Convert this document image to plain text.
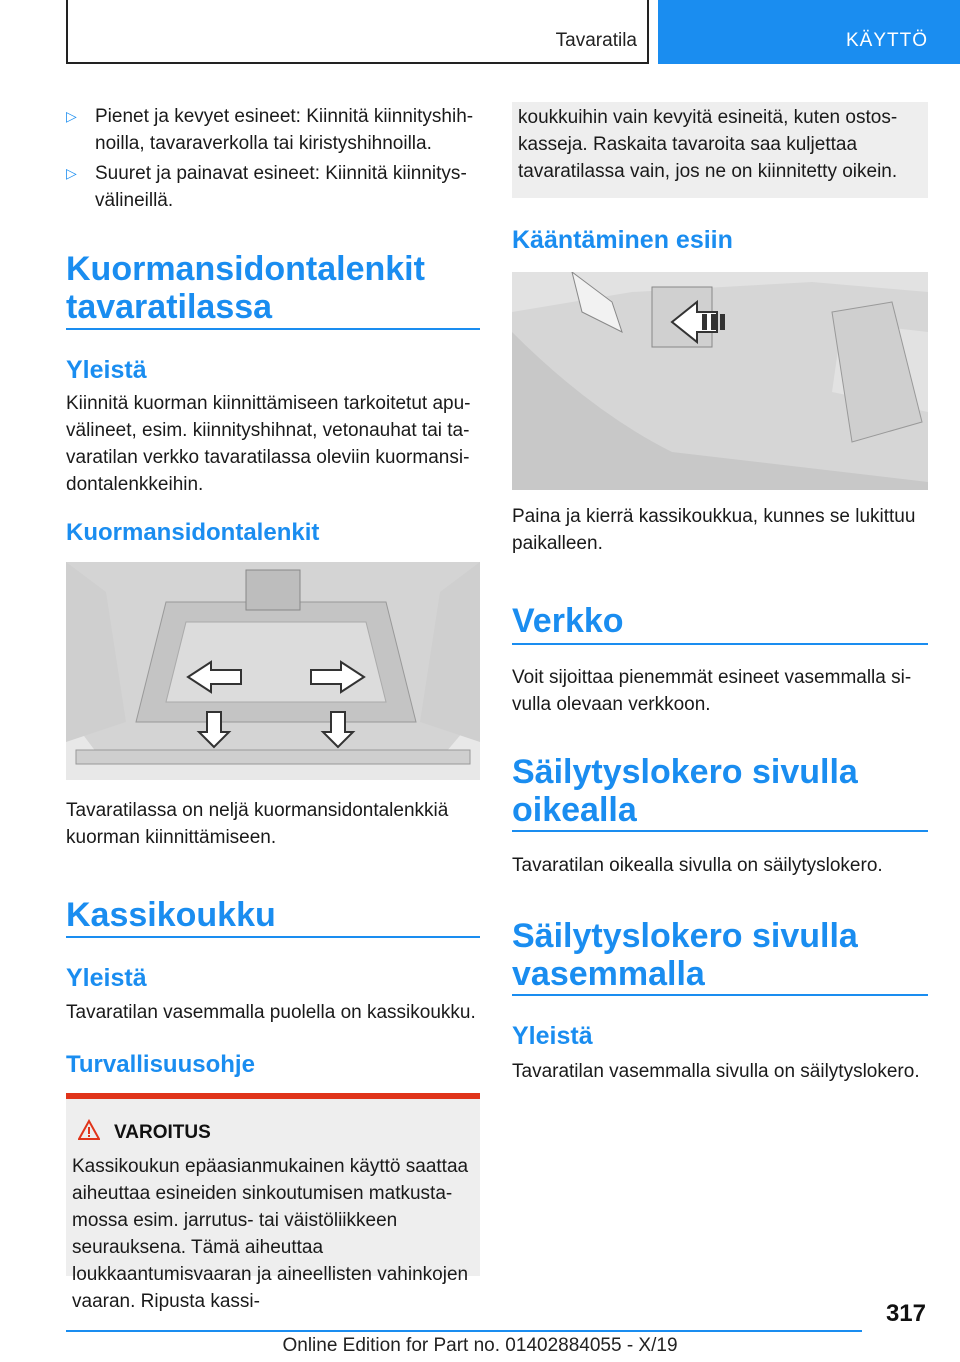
Tavaratila	KÄYTTÖ
▷ Pienet ja kevyet esineet: Kiinnitä kiinnityshihnoilla, tavaraverkolla tai kiristyshihnoilla.
▷ Suuret ja painavat esineet: Kiinnitä kiinnitysvälineillä.
Kuormansidontalenkit tavaratilassa
Yleistä
Kiinnitä kuorman kiinnittämiseen tarkoitetut apuvälineet, esim. kiinnityshihnat, vetonauhat tai tavaratilan verkko tavaratilassa oleviin kuormansidontalenkkeihin.
Kuormansidontalenkit
Tavaratilassa on neljä kuormansidontalenkkiä kuorman kiinnittämiseen.
Kassikoukku
Yleistä
Tavaratilan vasemmalla puolella on kassikoukku.
Turvallisuusohje
VAROITUS
Kassikoukun epäasianmukainen käyttö saattaa aiheuttaa esineiden sinkoutumisen matkustamossa esim. jarrutus- tai väistöliikkeen seurauksena. Tämä aiheuttaa loukkaantumisvaaran ja aineellisten vahinkojen vaaran. Ripusta kassi-
koukkuihin vain kevyitä esineitä, kuten ostoskasseja. Raskaita tavaroita saa kuljettaa tavaratilassa vain, jos ne on kiinnitetty oikein.
Kääntäminen esiin
Paina ja kierrä kassikoukkua, kunnes se lukittuu paikalleen.
Verkko
Voit sijoittaa pienemmät esineet vasemmalla sivulla olevaan verkkoon.
Säilytyslokero sivulla oikealla
Tavaratilan oikealla sivulla on säilytyslokero.
Säilytyslokero sivulla vasemmalla
Yleistä
Tavaratilan vasemmalla sivulla on säilytyslokero.
317
Online Edition for Part no. 01402884055 - X/19
